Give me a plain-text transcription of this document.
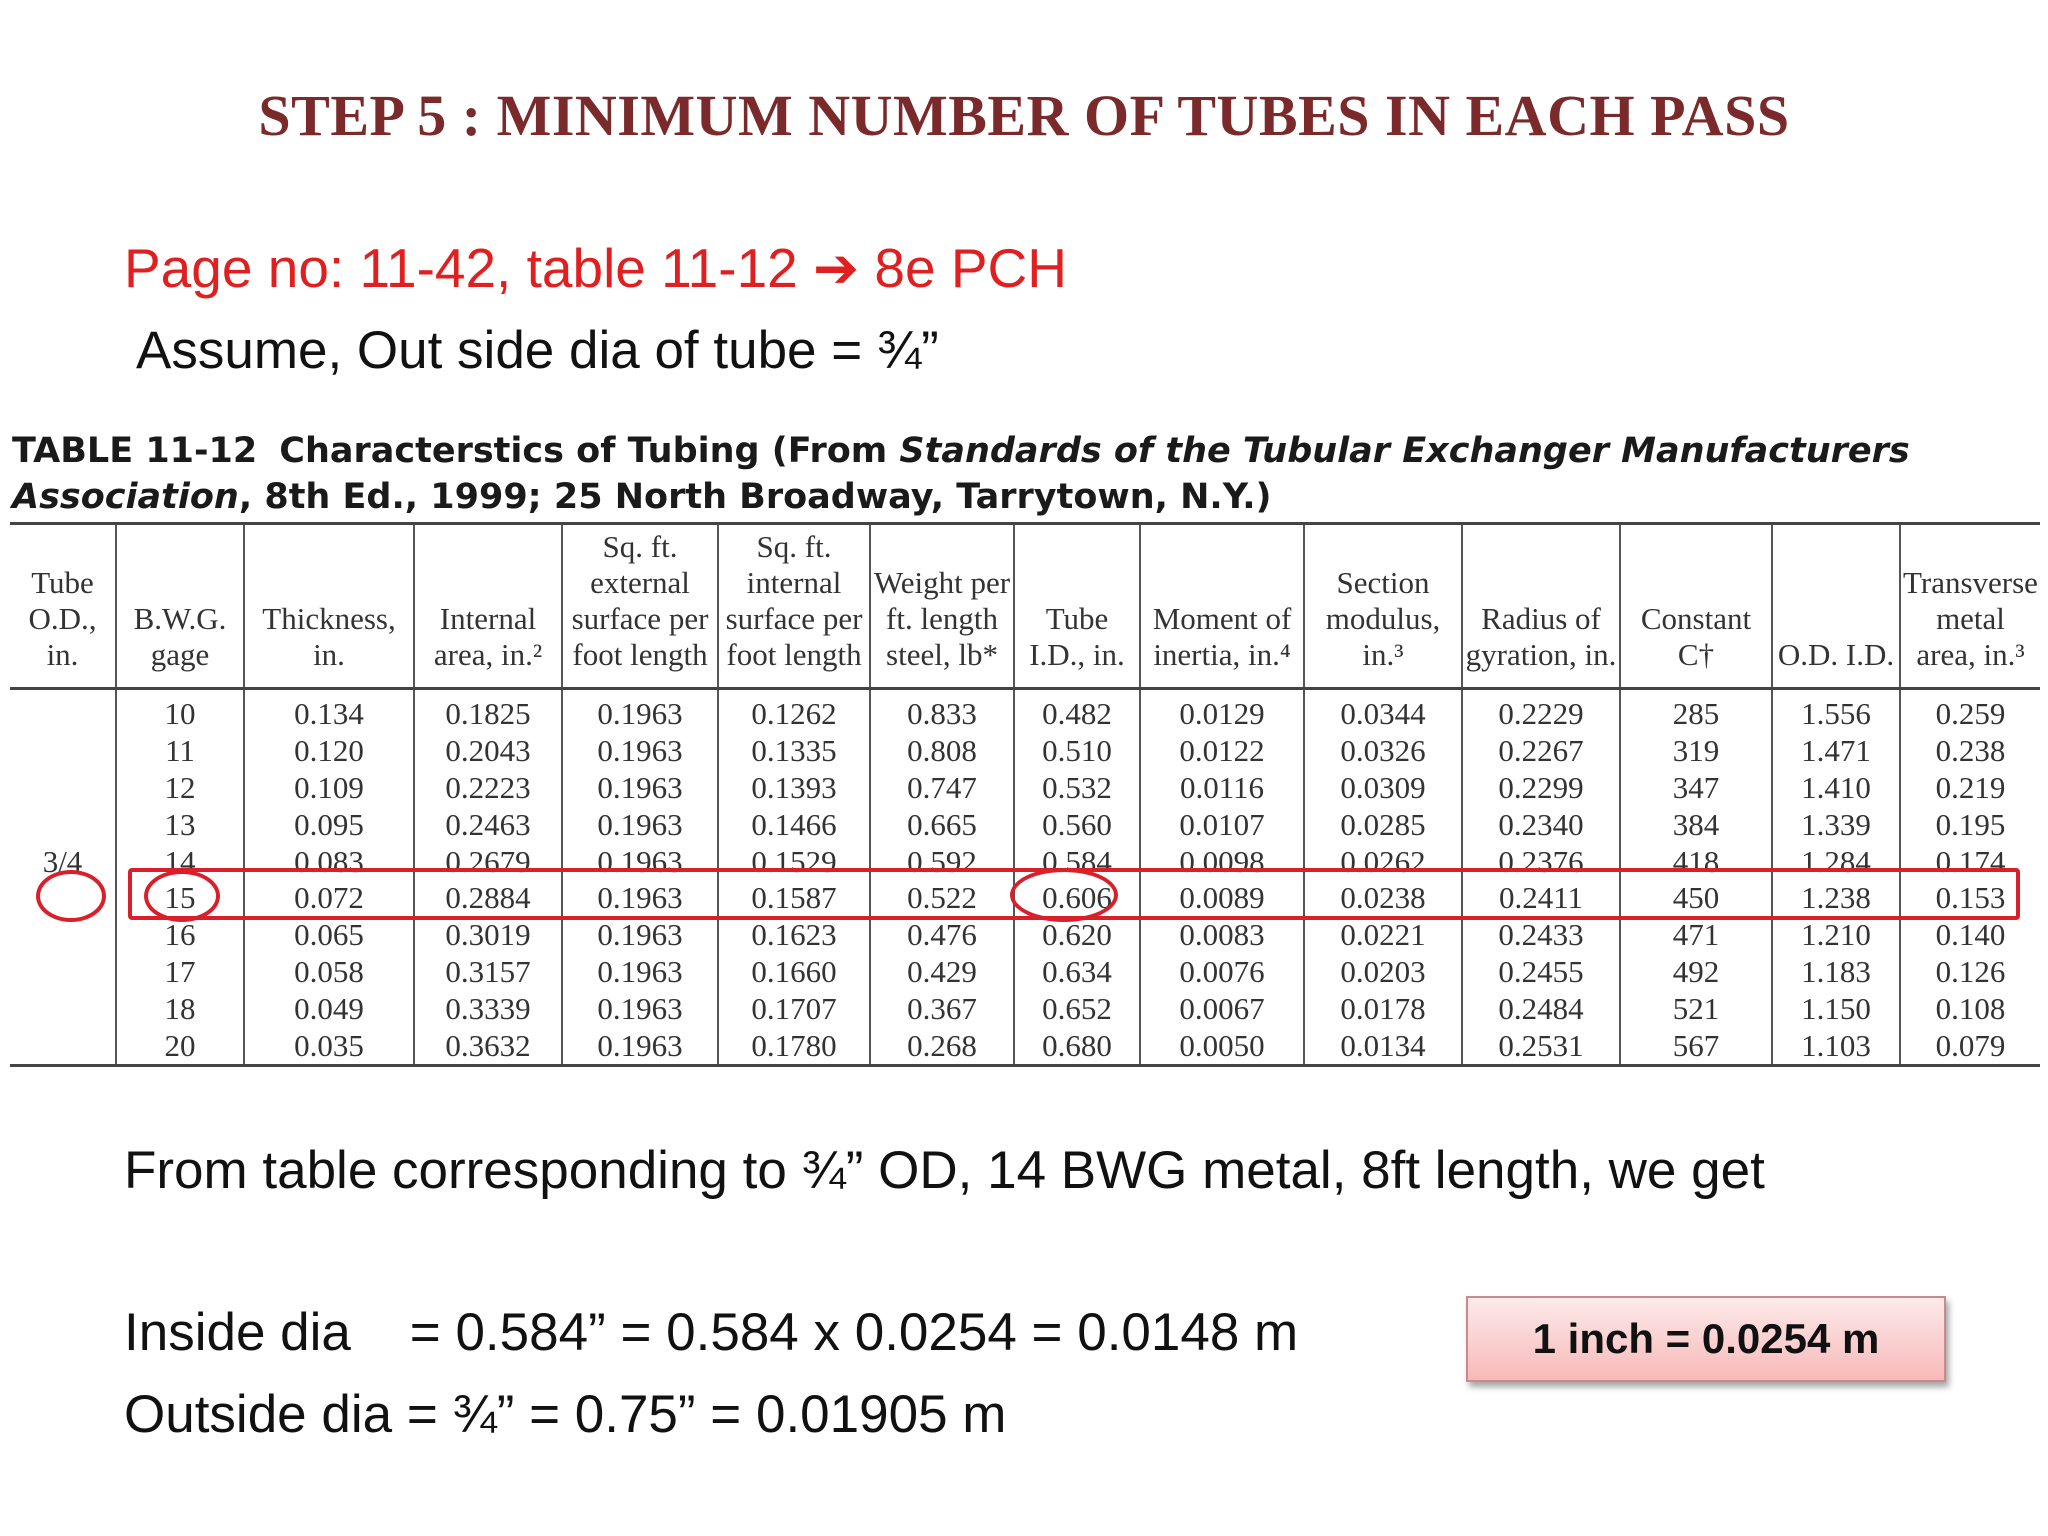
STEP 5 : MINIMUM NUMBER OF TUBES IN EACH PASS
Page no: 11-42, table 11-12 ➔ 8e PCH
Assume, Out side dia of tube = ¾”
TABLE 11-12 Characterstics of Tubing (From Standards of the Tubular Exchanger Manufacturers Association, 8th Ed., 1999; 25 North Broadway, Tarrytown, N.Y.)
Tube O.D., in.	B.W.G. gage	Thickness, in.	Internal area, in.²	Sq. ft. external surface per foot length	Sq. ft. internal surface per foot length	Weight per ft. length steel, lb*	Tube I.D., in.	Moment of inertia, in.⁴	Section modulus, in.³	Radius of gyration, in.	Constant C†	O.D. I.D.	Transverse metal area, in.³
	10	0.134	0.1825	0.1963	0.1262	0.833	0.482	0.0129	0.0344	0.2229	285	1.556	0.259
	11	0.120	0.2043	0.1963	0.1335	0.808	0.510	0.0122	0.0326	0.2267	319	1.471	0.238
	12	0.109	0.2223	0.1963	0.1393	0.747	0.532	0.0116	0.0309	0.2299	347	1.410	0.219
	13	0.095	0.2463	0.1963	0.1466	0.665	0.560	0.0107	0.0285	0.2340	384	1.339	0.195
3/4	14	0.083	0.2679	0.1963	0.1529	0.592	0.584	0.0098	0.0262	0.2376	418	1.284	0.174
	15	0.072	0.2884	0.1963	0.1587	0.522	0.606	0.0089	0.0238	0.2411	450	1.238	0.153
	16	0.065	0.3019	0.1963	0.1623	0.476	0.620	0.0083	0.0221	0.2433	471	1.210	0.140
	17	0.058	0.3157	0.1963	0.1660	0.429	0.634	0.0076	0.0203	0.2455	492	1.183	0.126
	18	0.049	0.3339	0.1963	0.1707	0.367	0.652	0.0067	0.0178	0.2484	521	1.150	0.108
	20	0.035	0.3632	0.1963	0.1780	0.268	0.680	0.0050	0.0134	0.2531	567	1.103	0.079
From table corresponding to ¾” OD, 14 BWG metal, 8ft length, we get
Inside dia    = 0.584” = 0.584 x 0.0254 = 0.0148 m
Outside dia = ¾” = 0.75” = 0.01905 m
1 inch = 0.0254 m
